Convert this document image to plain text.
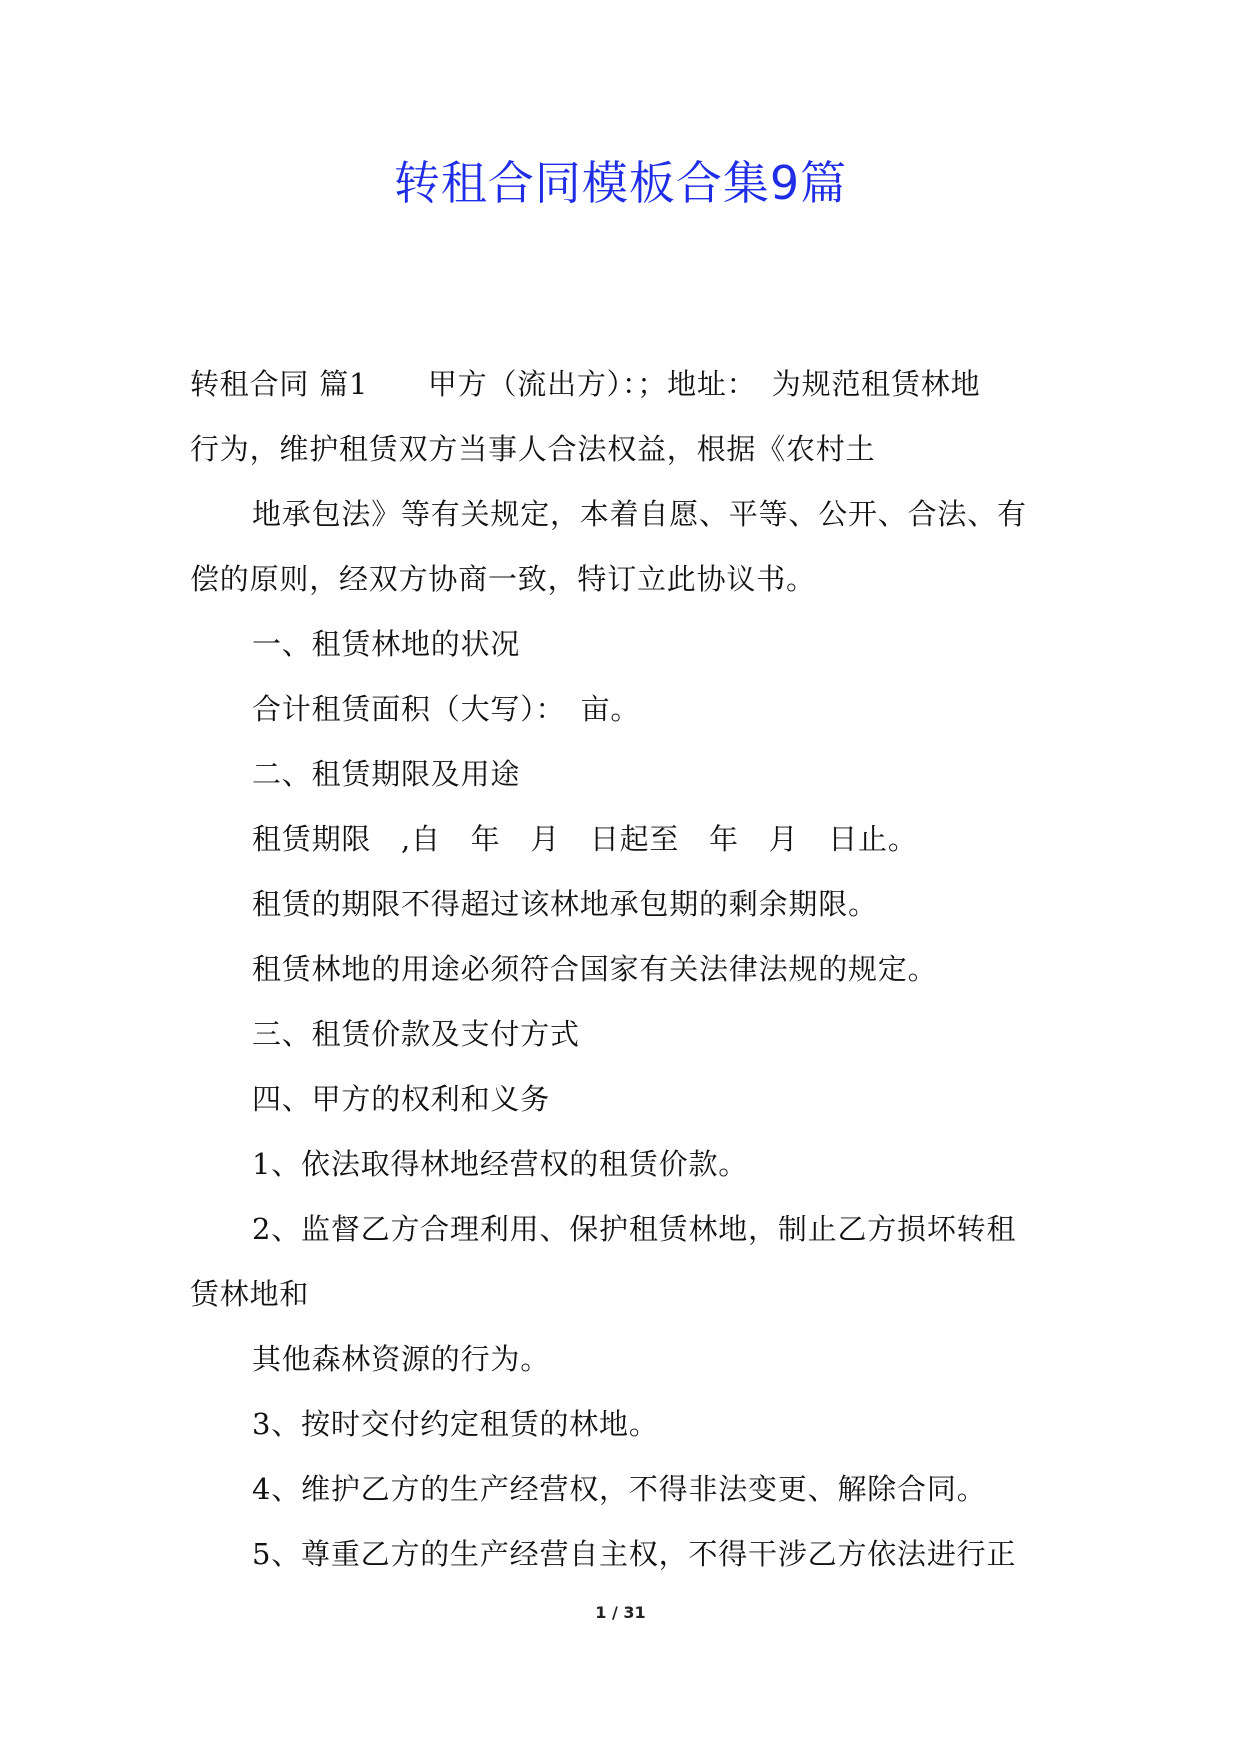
转租合同模板合集9篇
转租合同 篇1　　甲方（流出方）：；地址：　为规范租赁林地
行为，维护租赁双方当事人合法权益，根据《农村土
地承包法》等有关规定，本着自愿、平等、公开、合法、有
偿的原则，经双方协商一致，特订立此协议书。
一、租赁林地的状况
合计租赁面积（大写）：　亩。
二、租赁期限及用途
租赁期限　,自　年　月　日起至　年　月　日止。
租赁的期限不得超过该林地承包期的剩余期限。
租赁林地的用途必须符合国家有关法律法规的规定。
三、租赁价款及支付方式
四、甲方的权利和义务
1、依法取得林地经营权的租赁价款。
2、监督乙方合理利用、保护租赁林地，制止乙方损坏转租
赁林地和
其他森林资源的行为。
3、按时交付约定租赁的林地。
4、维护乙方的生产经营权，不得非法变更、解除合同。
5、尊重乙方的生产经营自主权，不得干涉乙方依法进行正
1 / 31
